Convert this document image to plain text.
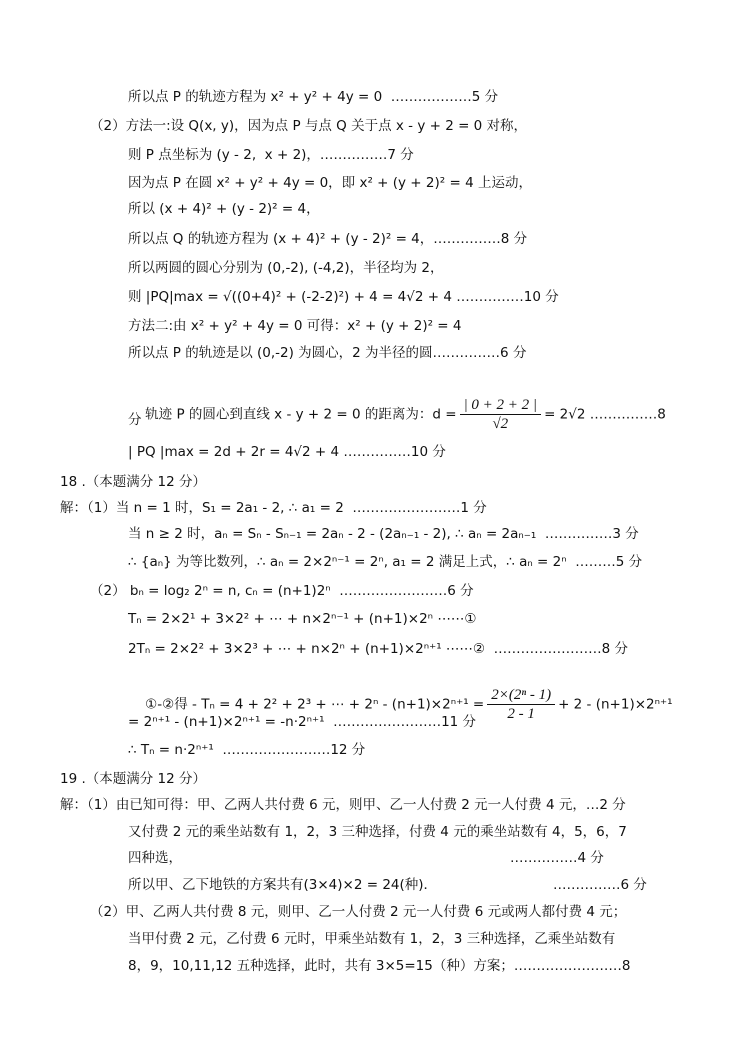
所以点 P 的轨迹方程为 x² + y² + 4y = 0  ………………5 分
（2）方法一:设 Q(x, y)，因为点 P 与点 Q 关于点 x - y + 2 = 0 对称，
则 P 点坐标为 (y - 2,  x + 2)，……………7 分
因为点 P 在圆 x² + y² + 4y = 0，即 x² + (y + 2)² = 4 上运动，
所以 (x + 4)² + (y - 2)² = 4，
所以点 Q 的轨迹方程为 (x + 4)² + (y - 2)² = 4，……………8 分
所以两圆的圆心分别为 (0,-2), (-4,2)，半径均为 2，
则 |PQ|max = √((0+4)² + (-2-2)²) + 4 = 4√2 + 4 ……………10 分
方法二:由 x² + y² + 4y = 0 可得：x² + (y + 2)² = 4
所以点 P 的轨迹是以 (0,-2) 为圆心，2 为半径的圆……………6 分

轨迹 P 的圆心到直线 x - y + 2 = 0 的距离为：$d = \frac{| 0 + 2 + 2 |}{√2} = 2√2$ ……………8

分
| PQ |max = 2d + 2r = 4√2 + 4 ……………10 分
18 .（本题满分 12 分）
解：（1）当 n = 1 时，S₁ = 2a₁ - 2, ∴ a₁ = 2  ……………………1 分
当 n ≥ 2 时，aₙ = Sₙ - Sₙ₋₁ = 2aₙ - 2 - (2aₙ₋₁ - 2), ∴ aₙ = 2aₙ₋₁  ……………3 分
∴ {aₙ} 为等比数列，∴ aₙ = 2×2ⁿ⁻¹ = 2ⁿ, a₁ = 2 满足上式，∴ aₙ = 2ⁿ  ………5 分
（2） bₙ = log₂ 2ⁿ = n, cₙ = (n+1)2ⁿ  ……………………6 分
Tₙ = 2×2¹ + 3×2² + ⋯ + n×2ⁿ⁻¹ + (n+1)×2ⁿ ⋯⋯①
2Tₙ = 2×2² + 3×2³ + ⋯ + n×2ⁿ + (n+1)×2ⁿ⁺¹ ⋯⋯②  ……………………8 分

①-②得 - Tₙ = 4 + 2² + 2³ + ⋯ + $2^n - (n+1)\times 2^{n+1} = \frac{\text{2×(2ⁿ - 1)}}{2 - 1} + 2 - (n+1)\times 2^{n+1}$

= 2ⁿ⁺¹ - (n+1)×2ⁿ⁺¹ = -n·2ⁿ⁺¹  ……………………11 分
∴ Tₙ = n·2ⁿ⁺¹  ……………………12 分
19 .（本题满分 12 分）
解：（1）由已知可得：甲、乙两人共付费 6 元，则甲、乙一人付费 2 元一人付费 4 元，…2 分
又付费 2 元的乘坐站数有 1，2，3 三种选择，付费 4 元的乘坐站数有 4，5，6，7
四种选，	……………4 分
所以甲、乙下地铁的方案共有(3×4)×2 = 24(种)．	……………6 分
（2）甲、乙两人共付费 8 元，则甲、乙一人付费 2 元一人付费 6 元或两人都付费 4 元；
当甲付费 2 元，乙付费 6 元时，甲乘坐站数有 1，2，3 三种选择，乙乘坐站数有
8，9，10,11,12 五种选择，此时，共有 3×5=15（种）方案；……………………8
